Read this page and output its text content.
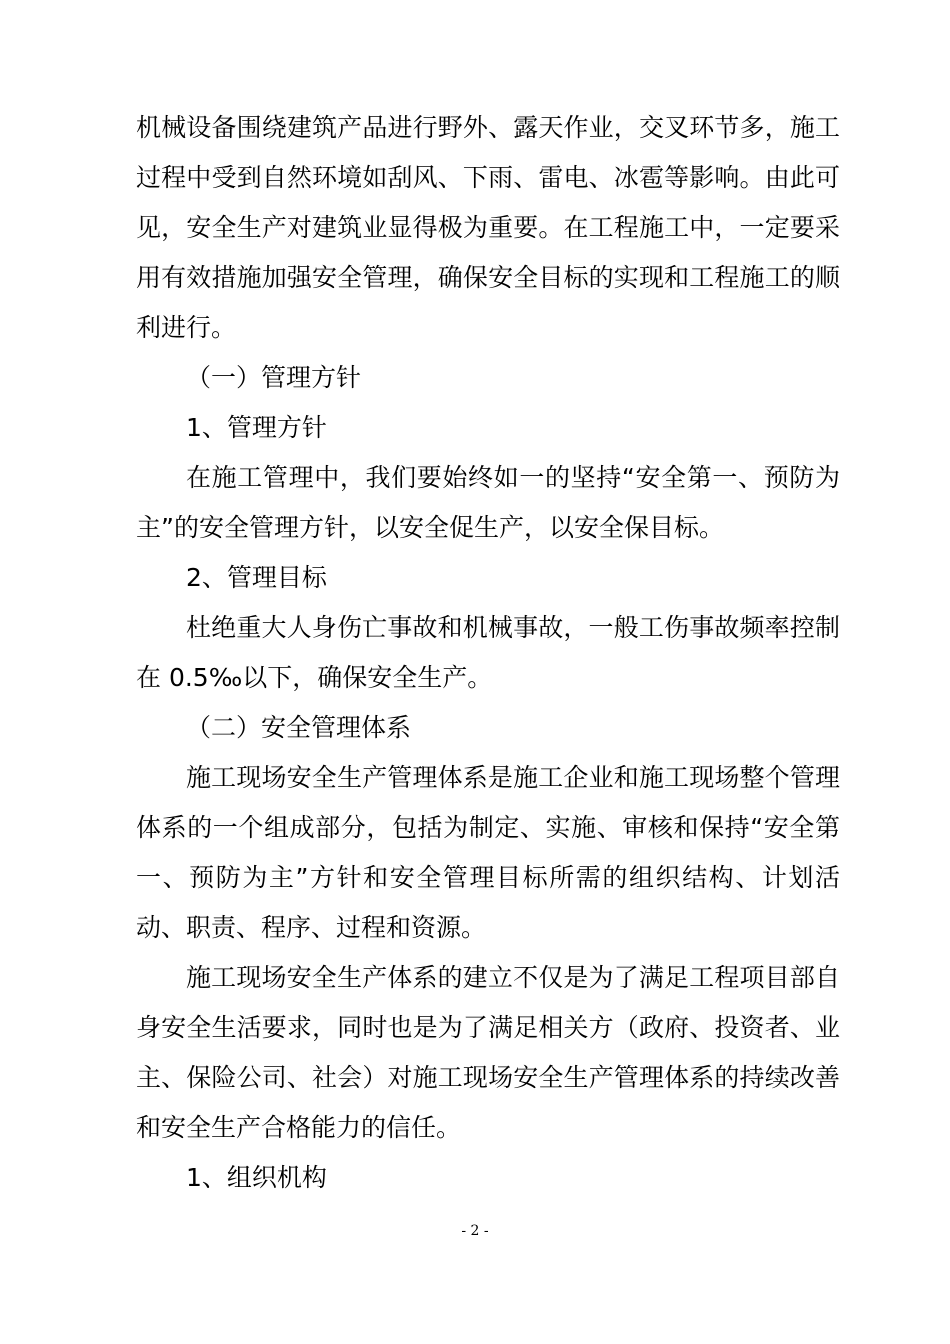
机械设备围绕建筑产品进行野外、露天作业，交叉环节多，施工过程中受到自然环境如刮风、下雨、雷电、冰雹等影响。由此可见，安全生产对建筑业显得极为重要。在工程施工中，一定要采用有效措施加强安全管理，确保安全目标的实现和工程施工的顺利进行。

（一）管理方针

1、管理方针

在施工管理中，我们要始终如一的坚持“安全第一、预防为主”的安全管理方针，以安全促生产，以安全保目标。

2、管理目标

杜绝重大人身伤亡事故和机械事故，一般工伤事故频率控制在 0.5‰以下，确保安全生产。

（二）安全管理体系

施工现场安全生产管理体系是施工企业和施工现场整个管理体系的一个组成部分，包括为制定、实施、审核和保持“安全第一、预防为主”方针和安全管理目标所需的组织结构、计划活动、职责、程序、过程和资源。

施工现场安全生产体系的建立不仅是为了满足工程项目部自身安全生活要求，同时也是为了满足相关方（政府、投资者、业主、保险公司、社会）对施工现场安全生产管理体系的持续改善和安全生产合格能力的信任。

1、组织机构

- 2 -
